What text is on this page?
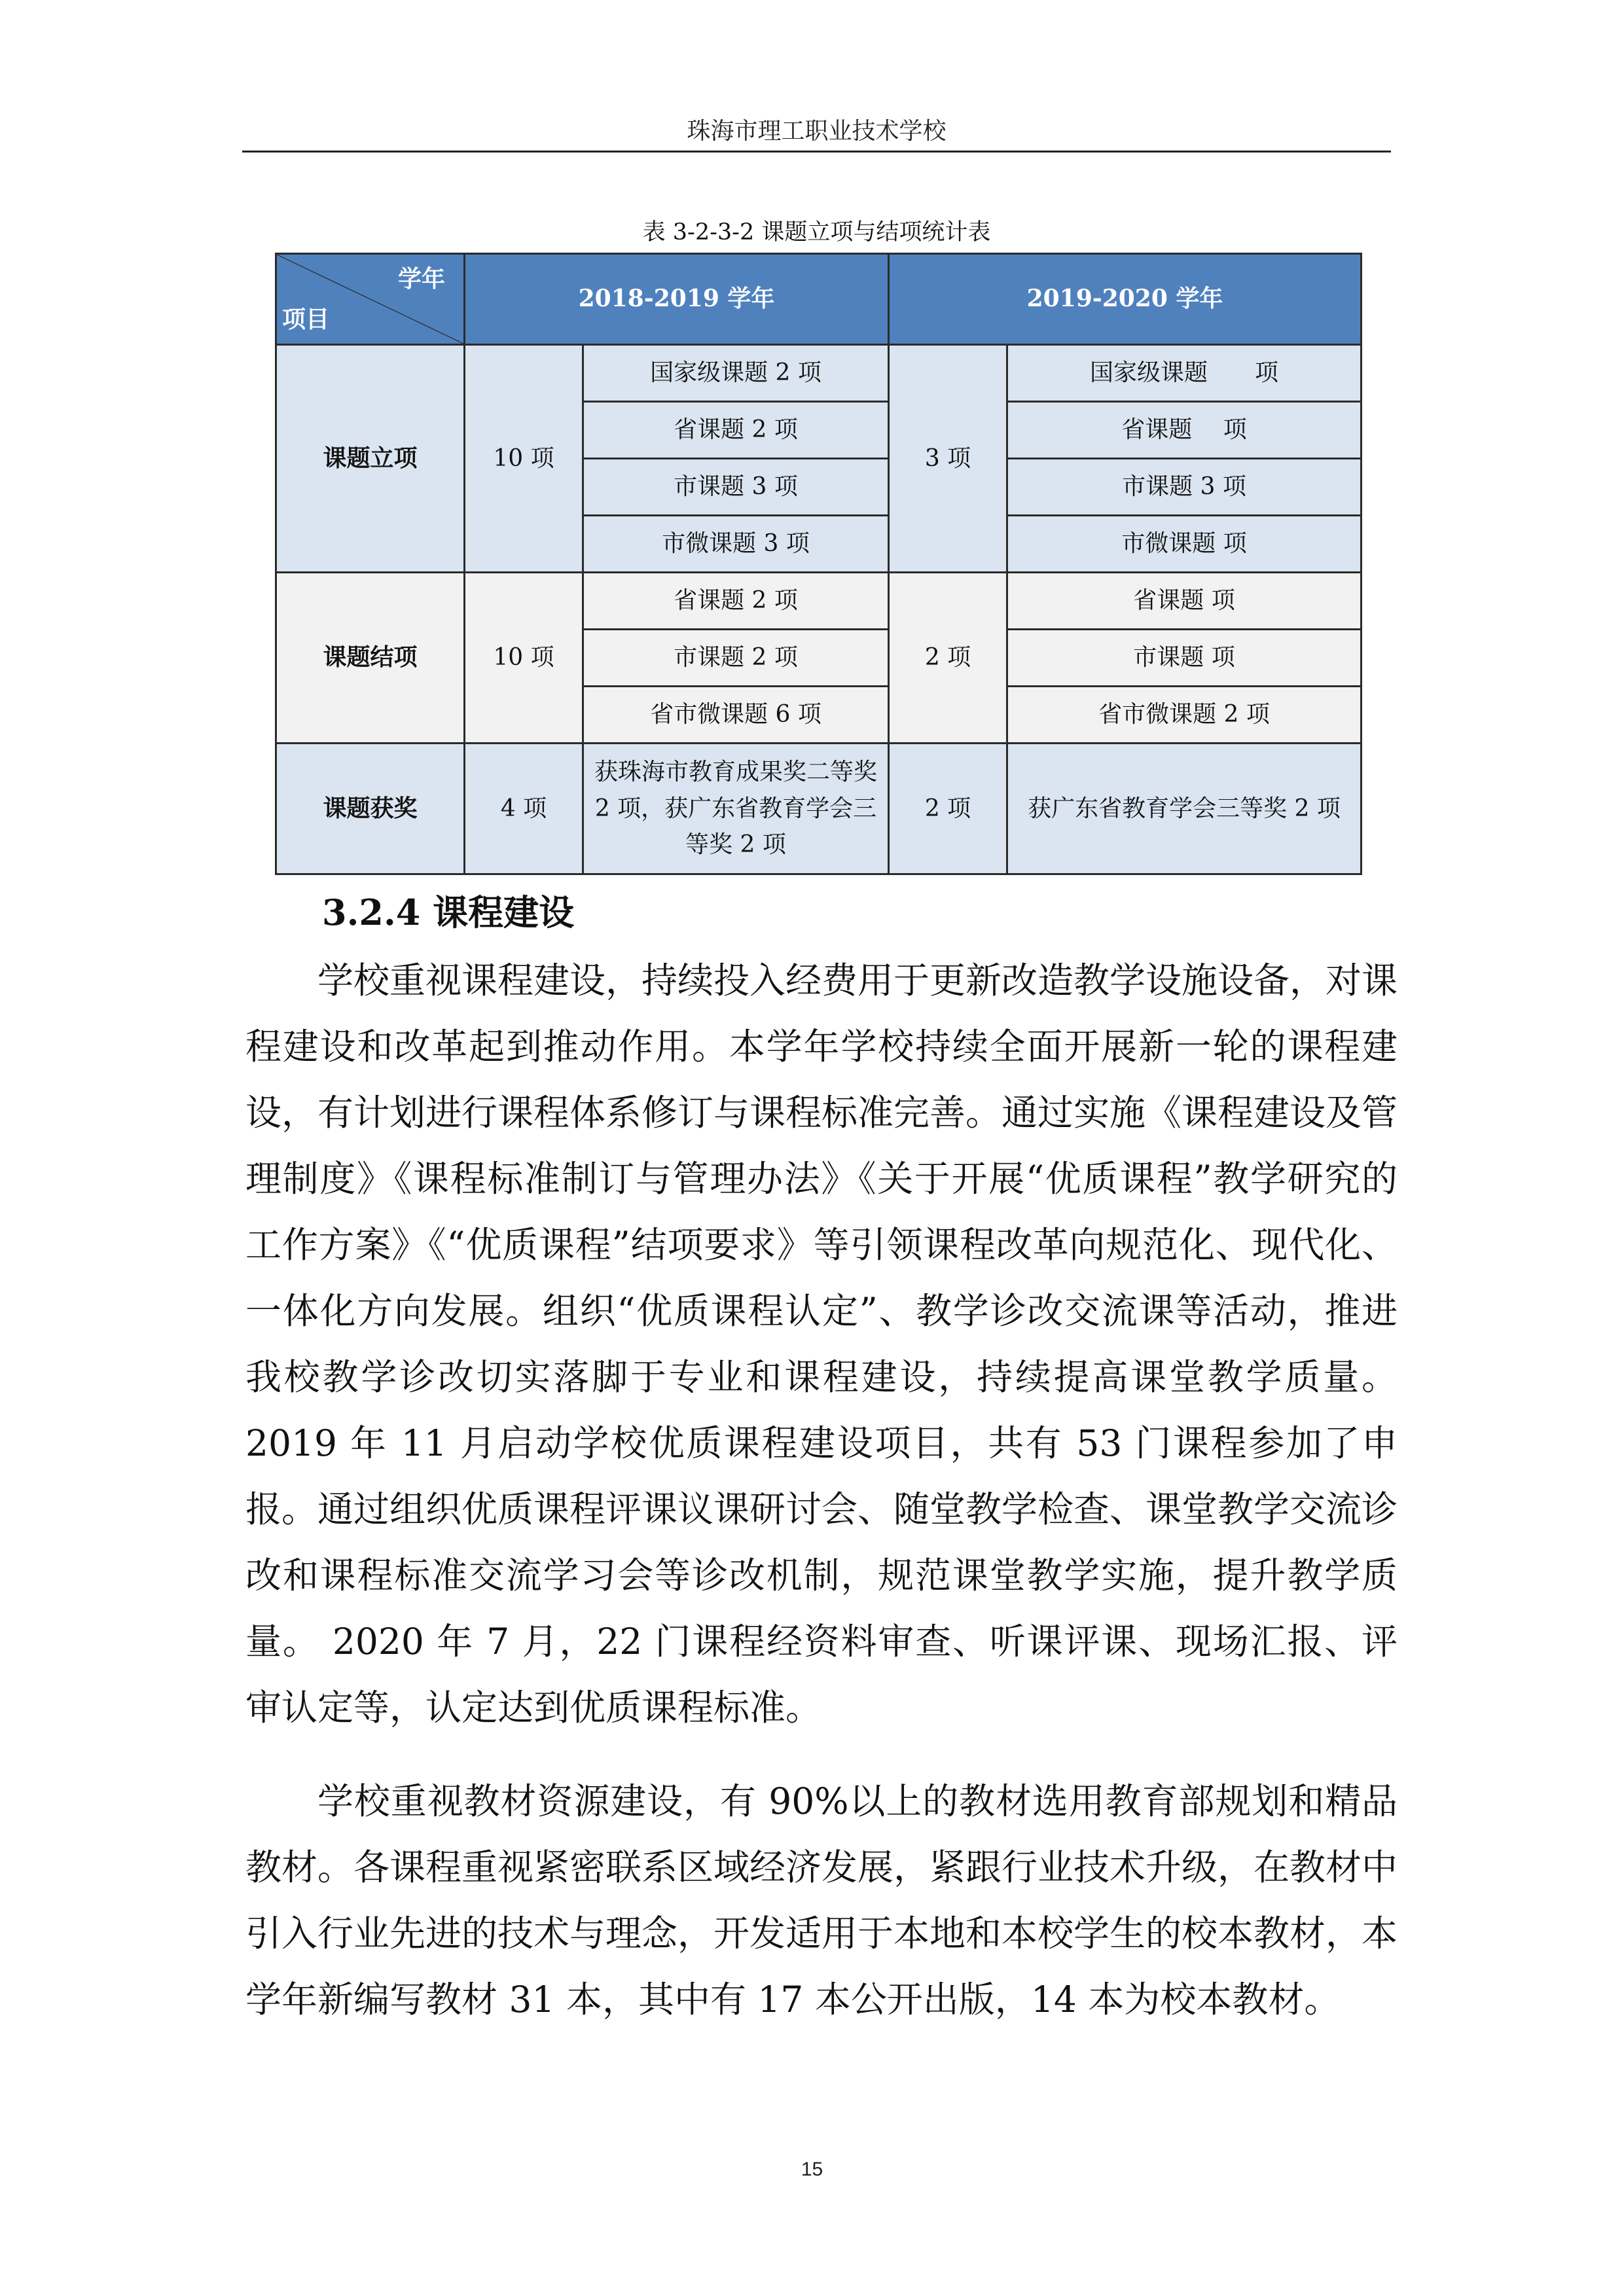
珠海市理工职业技术学校
表 3-2-3-2 课题立项与结项统计表
学年
项目	2018-2019 学年		2019-2020 学年	
课题立项	10 项	国家级课题 2 项	3 项	国家级课题　　项
		省课题 2 项		省课题　 项
		市课题 3 项		市课题 3 项
		市微课题 3 项		市微课题 项
课题结项	10 项	省课题 2 项	2 项	省课题 项
		市课题 2 项		市课题 项
		省市微课题 6 项		省市微课题 2 项
课题获奖	4 项	获珠海市教育成果奖二等奖 2 项，获广东省教育学会三等奖 2 项	2 项	获广东省教育学会三等奖 2 项
3.2.4 课程建设

学校重视课程建设，持续投入经费用于更新改造教学设施设备，对课程建设和改革起到推动作用。本学年学校持续全面开展新一轮的课程建设，有计划进行课程体系修订与课程标准完善。通过实施《课程建设及管理制度》《课程标准制订与管理办法》《关于开展“优质课程”教学研究的工作方案》《“优质课程”结项要求》等引领课程改革向规范化、现代化、一体化方向发展。组织“优质课程认定”、教学诊改交流课等活动，推进我校教学诊改切实落脚于专业和课程建设，持续提高课堂教学质量。2019 年 11 月启动学校优质课程建设项目，共有 53 门课程参加了申报。通过组织优质课程评课议课研讨会、随堂教学检查、课堂教学交流诊改和课程标准交流学习会等诊改机制，规范课堂教学实施，提升教学质量。 2020 年 7 月，22 门课程经资料审查、听课评课、现场汇报、评审认定等，认定达到优质课程标准。

学校重视教材资源建设，有 90%以上的教材选用教育部规划和精品教材。各课程重视紧密联系区域经济发展，紧跟行业技术升级，在教材中引入行业先进的技术与理念，开发适用于本地和本校学生的校本教材，本学年新编写教材 31 本，其中有 17 本公开出版，14 本为校本教材。

15
